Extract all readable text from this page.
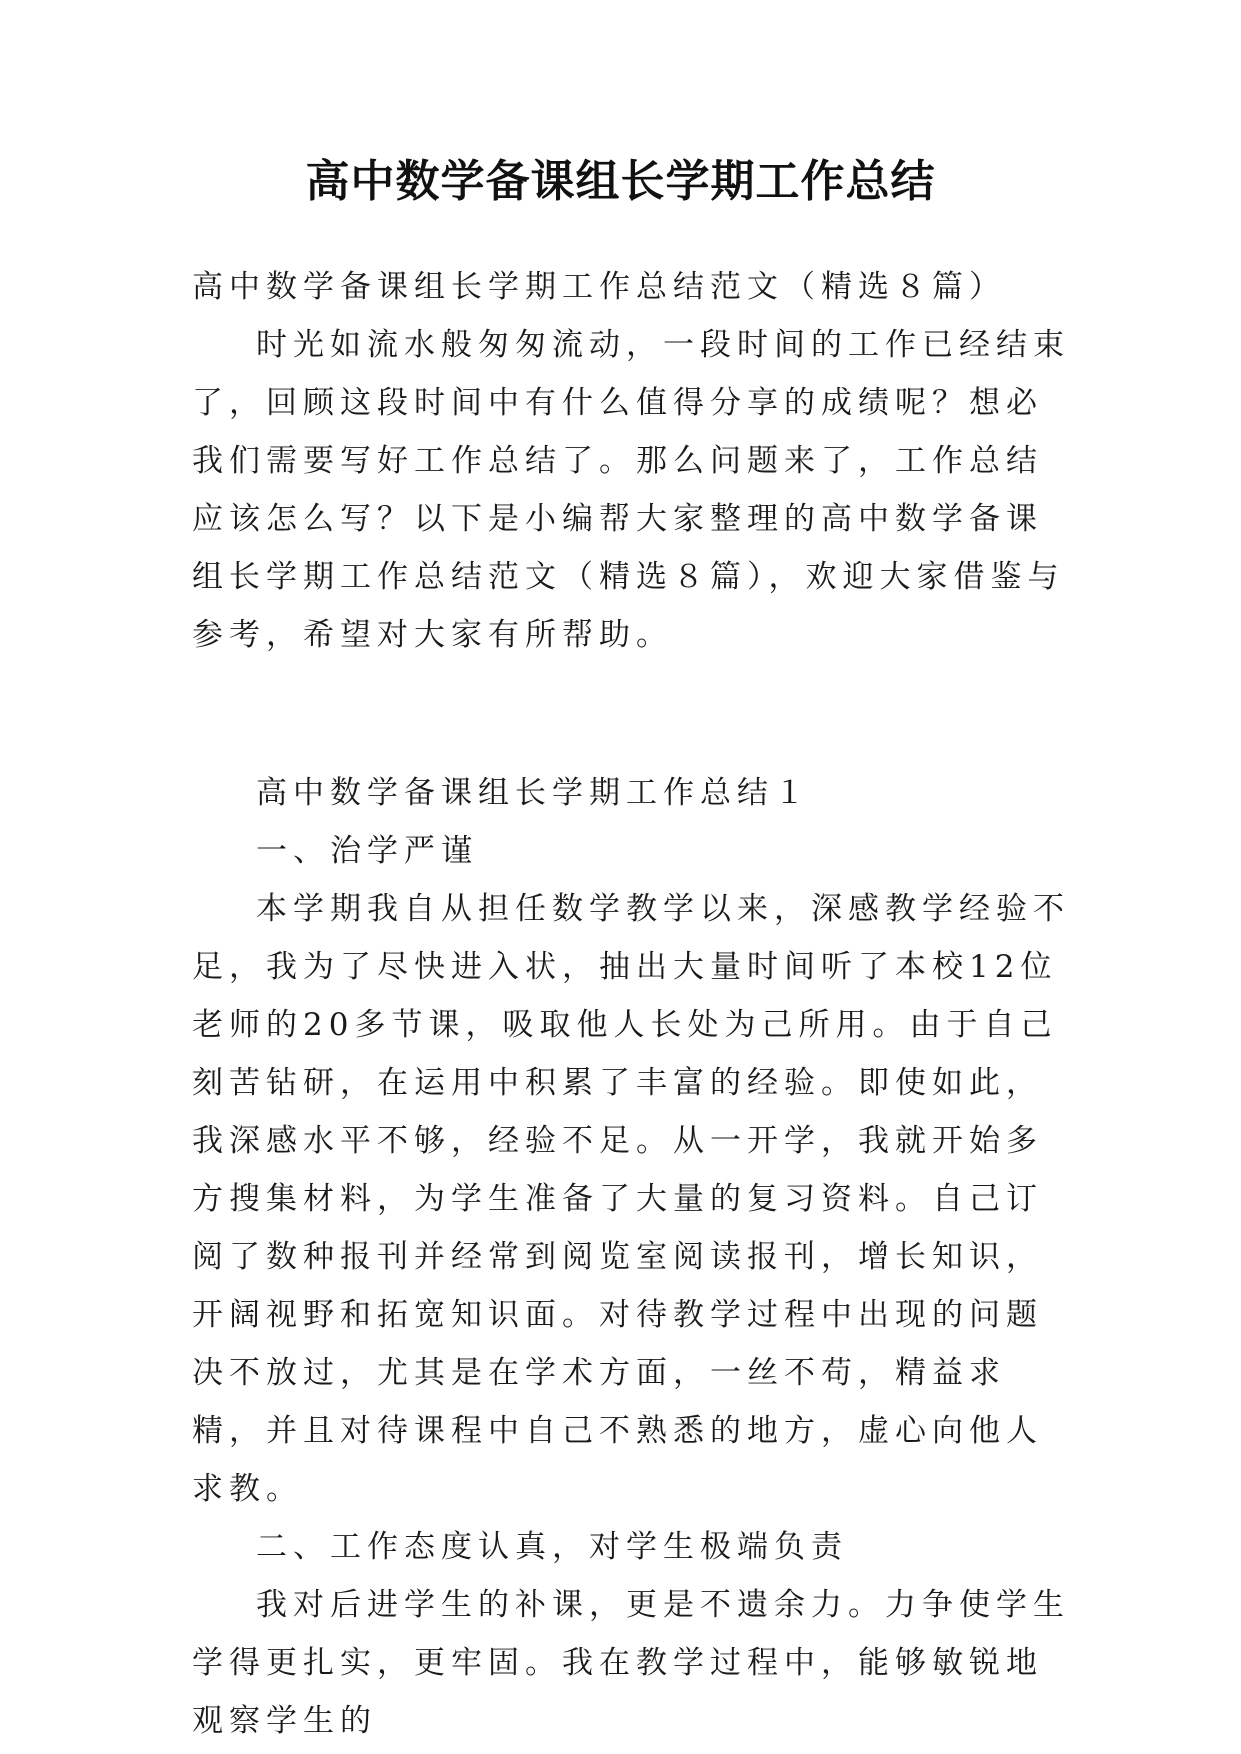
高中数学备课组长学期工作总结

高中数学备课组长学期工作总结范文（精选８篇）

时光如流水般匆匆流动，一段时间的工作已经结束了，回顾这段时间中有什么值得分享的成绩呢？想必我们需要写好工作总结了。那么问题来了，工作总结应该怎么写？以下是小编帮大家整理的高中数学备课组长学期工作总结范文（精选８篇），欢迎大家借鉴与参考，希望对大家有所帮助。

高中数学备课组长学期工作总结１

一、治学严谨

本学期我自从担任数学教学以来，深感教学经验不足，我为了尽快进入状，抽出大量时间听了本校12位老师的20多节课，吸取他人长处为己所用。由于自己刻苦钻研，在运用中积累了丰富的经验。即使如此，我深感水平不够，经验不足。从一开学，我就开始多方搜集材料，为学生准备了大量的复习资料。自己订阅了数种报刊并经常到阅览室阅读报刊，增长知识，开阔视野和拓宽知识面。对待教学过程中出现的问题决不放过，尤其是在学术方面，一丝不苟，精益求精，并且对待课程中自己不熟悉的地方，虚心向他人求教。

二、工作态度认真，对学生极端负责

我对后进学生的补课，更是不遗余力。力争使学生学得更扎实，更牢固。我在教学过程中，能够敏锐地观察学生的
